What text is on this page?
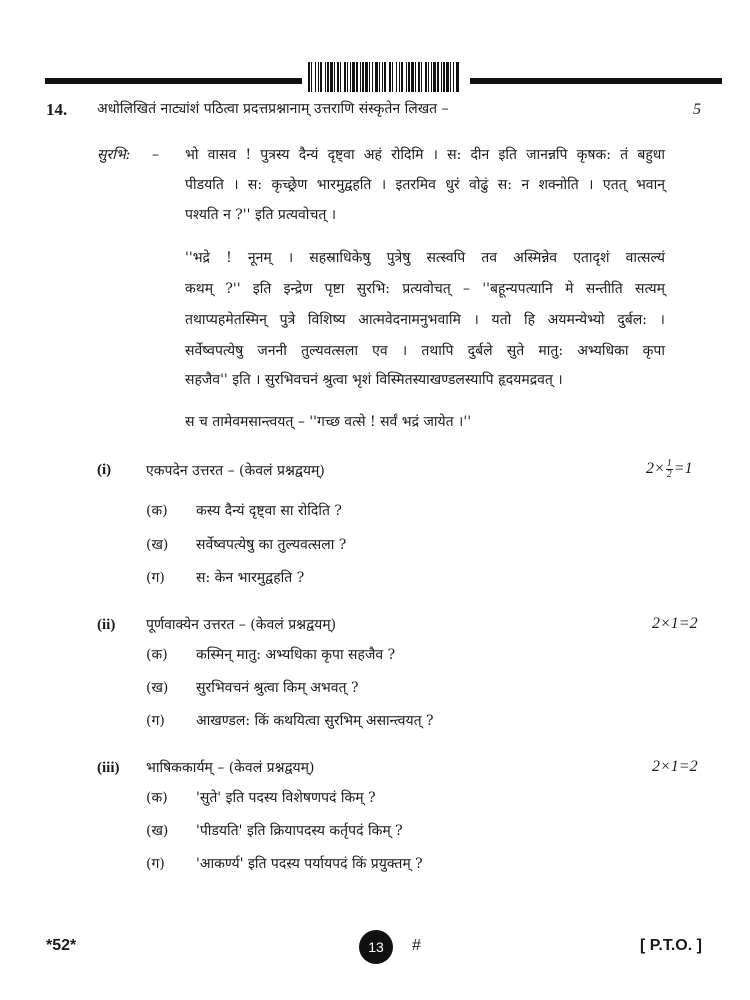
14. अधोलिखितं नाट्यांशं पठित्वा प्रदत्तप्रश्नानाम् उत्तराणि संस्कृतेन लिखत –	5
सुरभि: – भो वासव ! पुत्रस्य दैन्यं दृष्ट्वा अहं रोदिमि । स: दीन इति जानन्नपि कृषक: तं बहुधा
पीडयति । स: कृच्छ्रेण भारमुद्वहति । इतरमिव धुरं वोढुं स: न शक्नोति । एतत् भवान्
पश्यति न ?'' इति प्रत्यवोचत् ।
''भद्रे ! नूनम् । सहस्राधिकेषु पुत्रेषु सत्स्वपि तव अस्मिन्नेव एतादृशं वात्सल्यं
कथम् ?'' इति इन्द्रेण पृष्टा सुरभि: प्रत्यवोचत् – ''बहून्यपत्यानि मे सन्तीति सत्यम्
तथाप्यहमेतस्मिन् पुत्रे विशिष्य आत्मवेदनामनुभवामि । यतो हि अयमन्येभ्यो दुर्बल: ।
सर्वेष्वपत्येषु जननी तुल्यवत्सला एव । तथापि दुर्बले सुते मातु: अभ्यधिका कृपा
सहजैव'' इति । सुरभिवचनं श्रुत्वा भृशं विस्मितस्याखण्डलस्यापि हृदयमद्रवत् ।
स च तामेवमसान्त्वयत् – ''गच्छ वत्से ! सर्वं भद्रं जायेत ।''
(i) एकपदेन उत्तरत – (केवलं प्रश्नद्वयम्)	$2\times \frac{1}{2} =1$
(क) कस्य दैन्यं दृष्ट्वा सा रोदिति ?
(ख) सर्वेष्वपत्येषु का तुल्यवत्सला ?
(ग) स: केन भारमुद्वहति ?
(ii) पूर्णवाक्येन उत्तरत – (केवलं प्रश्नद्वयम्)	2×1=2
(क) कस्मिन् मातु: अभ्यधिका कृपा सहजैव ?
(ख) सुरभिवचनं श्रुत्वा किम् अभवत् ?
(ग) आखण्डल: किं कथयित्वा सुरभिम् असान्त्वयत् ?
(iii) भाषिककार्यम् – (केवलं प्रश्नद्वयम्)	2×1=2
(क) 'सुते' इति पदस्य विशेषणपदं किम् ?
(ख) 'पीडयति' इति क्रियापदस्य कर्तृपदं किम् ?
(ग) 'आकर्ण्य' इति पदस्य पर्यायपदं किं प्रयुक्तम् ?
*52*	13	#	[ P.T.O. ]
